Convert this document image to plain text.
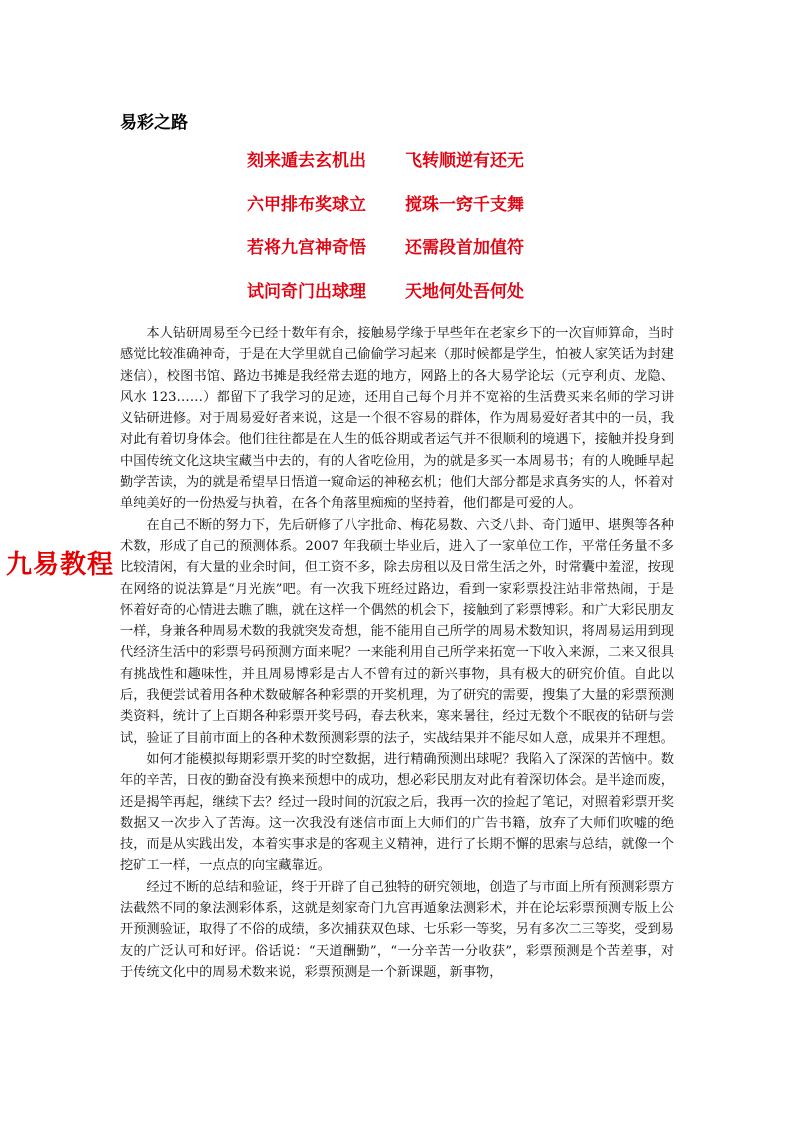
易彩之路
刻来遁去玄机出 飞转顺逆有还无
六甲排布奖球立 搅珠一窍千支舞
若将九宫神奇悟 还需段首加值符
试问奇门出球理 天地何处吾何处

本人钻研周易至今已经十数年有余，接触易学缘于早些年在老家乡下的一次盲师算命，当时感觉比较准确神奇，于是在大学里就自己偷偷学习起来（那时候都是学生，怕被人家笑话为封建迷信），校图书馆、路边书摊是我经常去逛的地方，网路上的各大易学论坛（元亨利贞、龙隐、风水 123……）都留下了我学习的足迹，还用自己每个月并不宽裕的生活费买来名师的学习讲义钻研进修。对于周易爱好者来说，这是一个很不容易的群体，作为周易爱好者其中的一员，我对此有着切身体会。他们往往都是在人生的低谷期或者运气并不很顺利的境遇下，接触并投身到中国传统文化这块宝藏当中去的，有的人省吃俭用，为的就是多买一本周易书；有的人晚睡早起勤学苦读，为的就是希望早日悟道一窥命运的神秘玄机；他们大部分都是求真务实的人，怀着对单纯美好的一份热爱与执着，在各个角落里痴痴的坚持着，他们都是可爱的人。

在自己不断的努力下，先后研修了八字批命、梅花易数、六爻八卦、奇门遁甲、堪舆等各种术数，形成了自己的预测体系。2007 年我硕士毕业后，进入了一家单位工作，平常任务量不多比较清闲，有大量的业余时间，但工资不多，除去房租以及日常生活之外，时常囊中羞涩，按现在网络的说法算是“月光族”吧。有一次我下班经过路边，看到一家彩票投注站非常热闹，于是怀着好奇的心情进去瞧了瞧，就在这样一个偶然的机会下，接触到了彩票博彩。和广大彩民朋友一样，身兼各种周易术数的我就突发奇想，能不能用自己所学的周易术数知识，将周易运用到现代经济生活中的彩票号码预测方面来呢？一来能利用自己所学来拓宽一下收入来源，二来又很具有挑战性和趣味性，并且周易博彩是古人不曾有过的新兴事物，具有极大的研究价值。自此以后，我便尝试着用各种术数破解各种彩票的开奖机理，为了研究的需要，搜集了大量的彩票预测类资料，统计了上百期各种彩票开奖号码，春去秋来，寒来暑往，经过无数个不眠夜的钻研与尝试，验证了目前市面上的各种术数预测彩票的法子，实战结果并不能尽如人意，成果并不理想。

如何才能模拟每期彩票开奖的时空数据，进行精确预测出球呢？我陷入了深深的苦恼中。数年的辛苦，日夜的勤奋没有换来预想中的成功，想必彩民朋友对此有着深切体会。是半途而废，还是揭竿再起，继续下去？经过一段时间的沉寂之后，我再一次的捡起了笔记，对照着彩票开奖数据又一次步入了苦海。这一次我没有迷信市面上大师们的广告书籍，放弃了大师们吹嘘的绝技，而是从实践出发，本着实事求是的客观主义精神，进行了长期不懈的思索与总结，就像一个挖矿工一样，一点点的向宝藏靠近。

经过不断的总结和验证，终于开辟了自己独特的研究领地，创造了与市面上所有预测彩票方法截然不同的象法测彩体系，这就是刻家奇门九宫再遁象法测彩术，并在论坛彩票预测专版上公开预测验证，取得了不俗的成绩，多次捕获双色球、七乐彩一等奖，另有多次二三等奖，受到易友的广泛认可和好评。俗话说：“天道酬勤”，“一分辛苦一分收获”，彩票预测是个苦差事，对于传统文化中的周易术数来说，彩票预测是一个新课题，新事物，

九易教程
